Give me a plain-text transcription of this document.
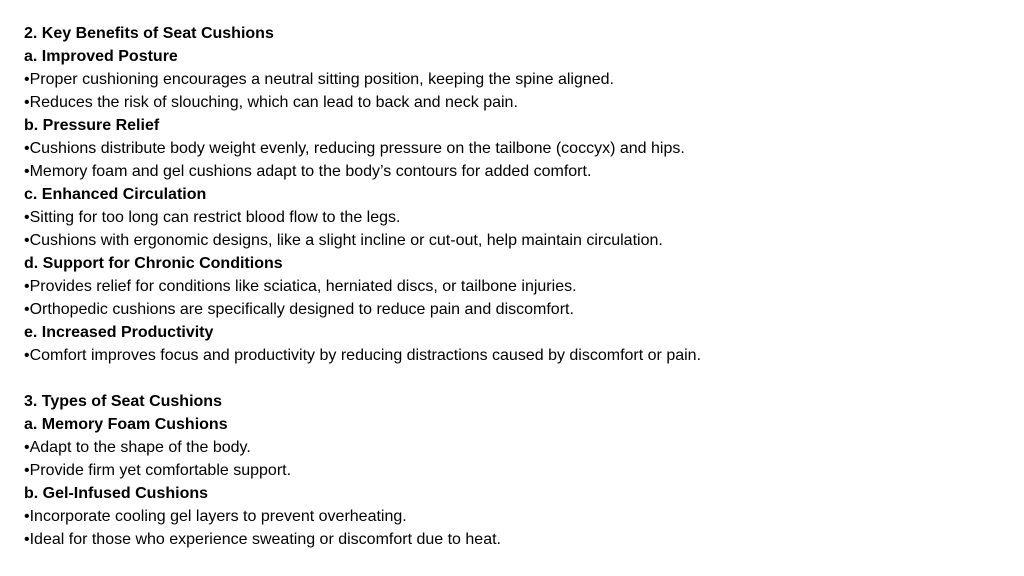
2. Key Benefits of Seat Cushions
a. Improved Posture
•Proper cushioning encourages a neutral sitting position, keeping the spine aligned.
•Reduces the risk of slouching, which can lead to back and neck pain.
b. Pressure Relief
•Cushions distribute body weight evenly, reducing pressure on the tailbone (coccyx) and hips.
•Memory foam and gel cushions adapt to the body’s contours for added comfort.
c. Enhanced Circulation
•Sitting for too long can restrict blood flow to the legs.
•Cushions with ergonomic designs, like a slight incline or cut-out, help maintain circulation.
d. Support for Chronic Conditions
•Provides relief for conditions like sciatica, herniated discs, or tailbone injuries.
•Orthopedic cushions are specifically designed to reduce pain and discomfort.
e. Increased Productivity
•Comfort improves focus and productivity by reducing distractions caused by discomfort or pain.
3. Types of Seat Cushions
a. Memory Foam Cushions
•Adapt to the shape of the body.
•Provide firm yet comfortable support.
b. Gel-Infused Cushions
•Incorporate cooling gel layers to prevent overheating.
•Ideal for those who experience sweating or discomfort due to heat.
